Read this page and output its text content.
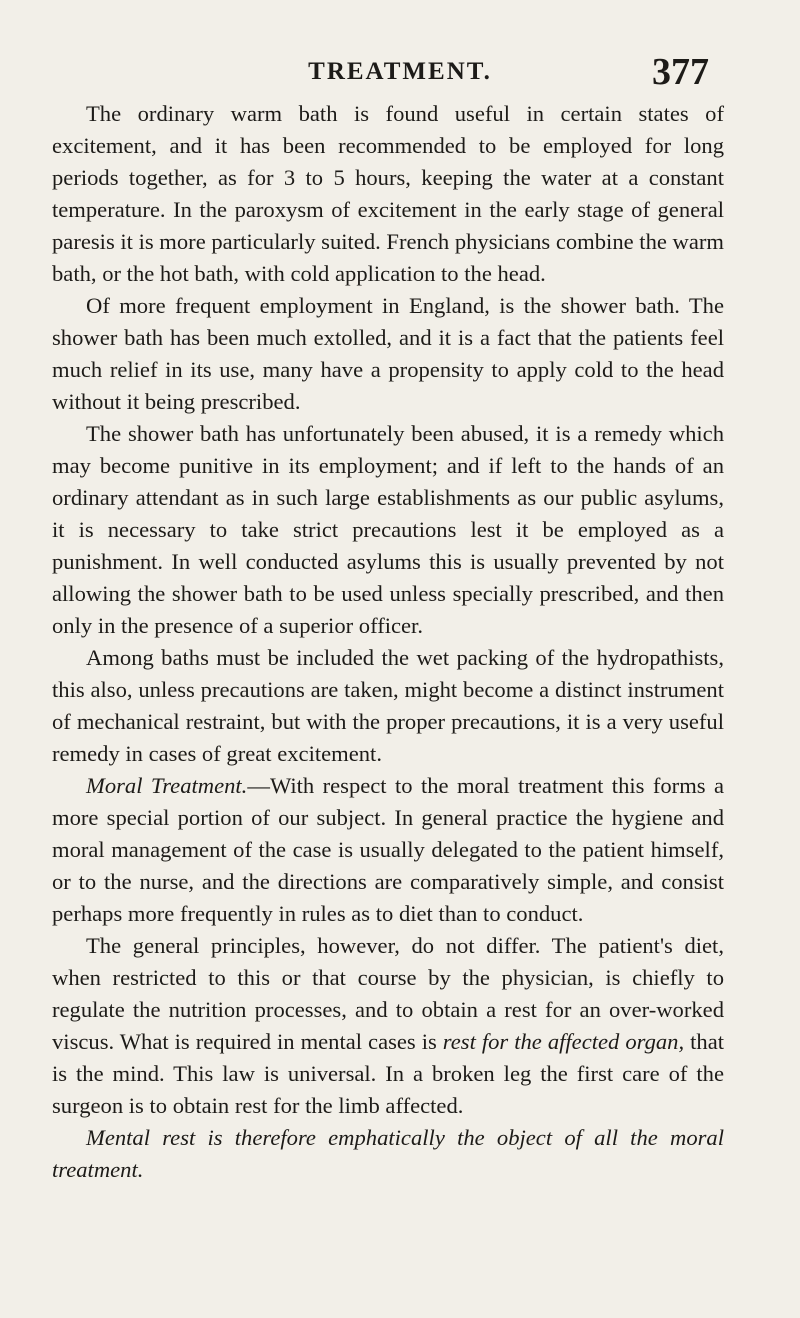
TREATMENT.	377

The ordinary warm bath is found useful in certain states of excitement, and it has been recommended to be employed for long periods together, as for 3 to 5 hours, keeping the water at a constant temperature. In the paroxysm of excitement in the early stage of general paresis it is more particularly suited. French physicians combine the warm bath, or the hot bath, with cold application to the head.

Of more frequent employment in England, is the shower bath. The shower bath has been much extolled, and it is a fact that the patients feel much relief in its use, many have a propensity to apply cold to the head without it being prescribed.

The shower bath has unfortunately been abused, it is a remedy which may become punitive in its employment; and if left to the hands of an ordinary attendant as in such large establishments as our public asylums, it is necessary to take strict precautions lest it be employed as a punishment. In well conducted asylums this is usually prevented by not allowing the shower bath to be used unless specially prescribed, and then only in the presence of a superior officer.

Among baths must be included the wet packing of the hydropathists, this also, unless precautions are taken, might become a distinct instrument of mechanical restraint, but with the proper precautions, it is a very useful remedy in cases of great excitement.

Moral Treatment.—With respect to the moral treatment this forms a more special portion of our subject. In general practice the hygiene and moral management of the case is usually delegated to the patient himself, or to the nurse, and the directions are comparatively simple, and consist perhaps more frequently in rules as to diet than to conduct.

The general principles, however, do not differ. The patient's diet, when restricted to this or that course by the physician, is chiefly to regulate the nutrition processes, and to obtain a rest for an over-worked viscus. What is required in mental cases is rest for the affected organ, that is the mind. This law is universal. In a broken leg the first care of the surgeon is to obtain rest for the limb affected.

Mental rest is therefore emphatically the object of all the moral treatment.
